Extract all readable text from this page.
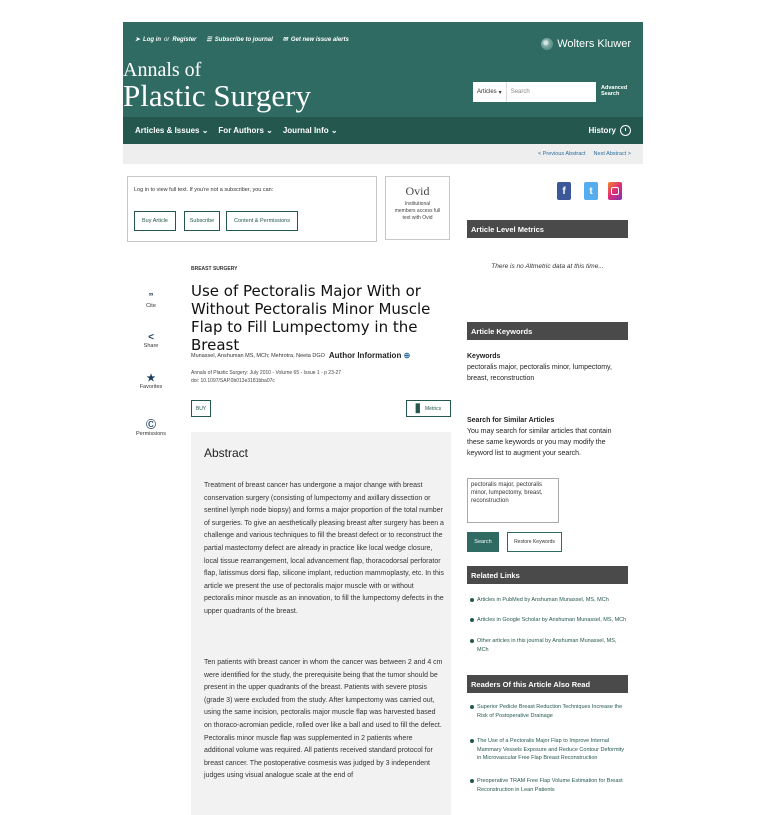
➤ Log in or Register ☰ Subscribe to journal ✉ Get new issue alerts
Annals of
Plastic Surgery
Wolters Kluwer
Articles ▾	Search
Advanced
Search
Articles & Issues ⌄ For Authors ⌄ Journal Info ⌄	History
< Previous Abstract Next Abstract >
Log in to view full text. If you're not a subscriber, you can:
Buy Article	Subscribe	Content & Permissions
Ovid
Institutional
members access full
text with Ovid
”
Cite
<
Share
★
Favorites
Ⓒ
Permissions
BREAST SURGERY
Use of Pectoralis Major With or Without Pectoralis Minor Muscle Flap to Fill Lumpectomy in the Breast
Munassel, Anshuman MS, MCh; Mehrotra, Neeta DGO Author Information ⊕
Annals of Plastic Surgery: July 2010 - Volume 65 - Issue 1 - p 23-27
doi: 10.1097/SAP.0b013e3181bba07c
BUY	▋ Metrics
Abstract

Treatment of breast cancer has undergone a major change with breast conservation surgery (consisting of lumpectomy and axillary dissection or sentinel lymph node biopsy) and forms a major proportion of the total number of surgeries. To give an aesthetically pleasing breast after surgery has been a challenge and various techniques to fill the breast defect or to reconstruct the partial mastectomy defect are already in practice like local wedge closure, local tissue rearrangement, local advancement flap, thoracodorsal perforator flap, latissmus dorsi flap, silicone implant, reduction mammoplasty, etc. In this article we present the use of pectoralis major muscle with or without pectoralis minor muscle as an innovation, to fill the lumpectomy defects in the upper quadrants of the breast.

Ten patients with breast cancer in whom the cancer was between 2 and 4 cm were identified for the study, the prerequisite being that the tumor should be present in the upper quadrants of the breast. Patients with severe ptosis (grade 3) were excluded from the study. After lumpectomy was carried out, using the same incision, pectoralis major muscle flap was harvested based on thoraco-acromian pedicle, rolled over like a ball and used to fill the defect. Pectoralis minor muscle flap was supplemented in 2 patients where additional volume was required. All patients received standard protocol for breast cancer. The postoperative cosmesis was judged by 3 independent judges using visual analogue scale at the end of

f t
Article Level Metrics
There is no Altmetric data at this time...
Article Keywords
Keywords
pectoralis major, pectoralis minor, lumpectomy, breast, reconstruction
Search for Similar Articles
You may search for similar articles that contain these same keywords or you may modify the keyword list to augment your search.
pectoralis major, pectoralis minor, lumpectomy, breast, reconstruction
Search	Restore Keywords
Related Links
Articles in PubMed by Anshuman Munassel, MS, MCh
Articles in Google Scholar by Anshuman Munassel, MS, MCh
Other articles in this journal by Anshuman Munassel, MS, MCh
Readers Of this Article Also Read
Superior Pedicle Breast Reduction Techniques Increase the Risk of Postoperative Drainage
The Use of a Pectoralis Major Flap to Improve Internal Mammary Vessels Exposure and Reduce Contour Deformity in Microvascular Free Flap Breast Reconstruction
Preoperative TRAM Free Flap Volume Estimation for Breast Reconstruction in Lean Patients
